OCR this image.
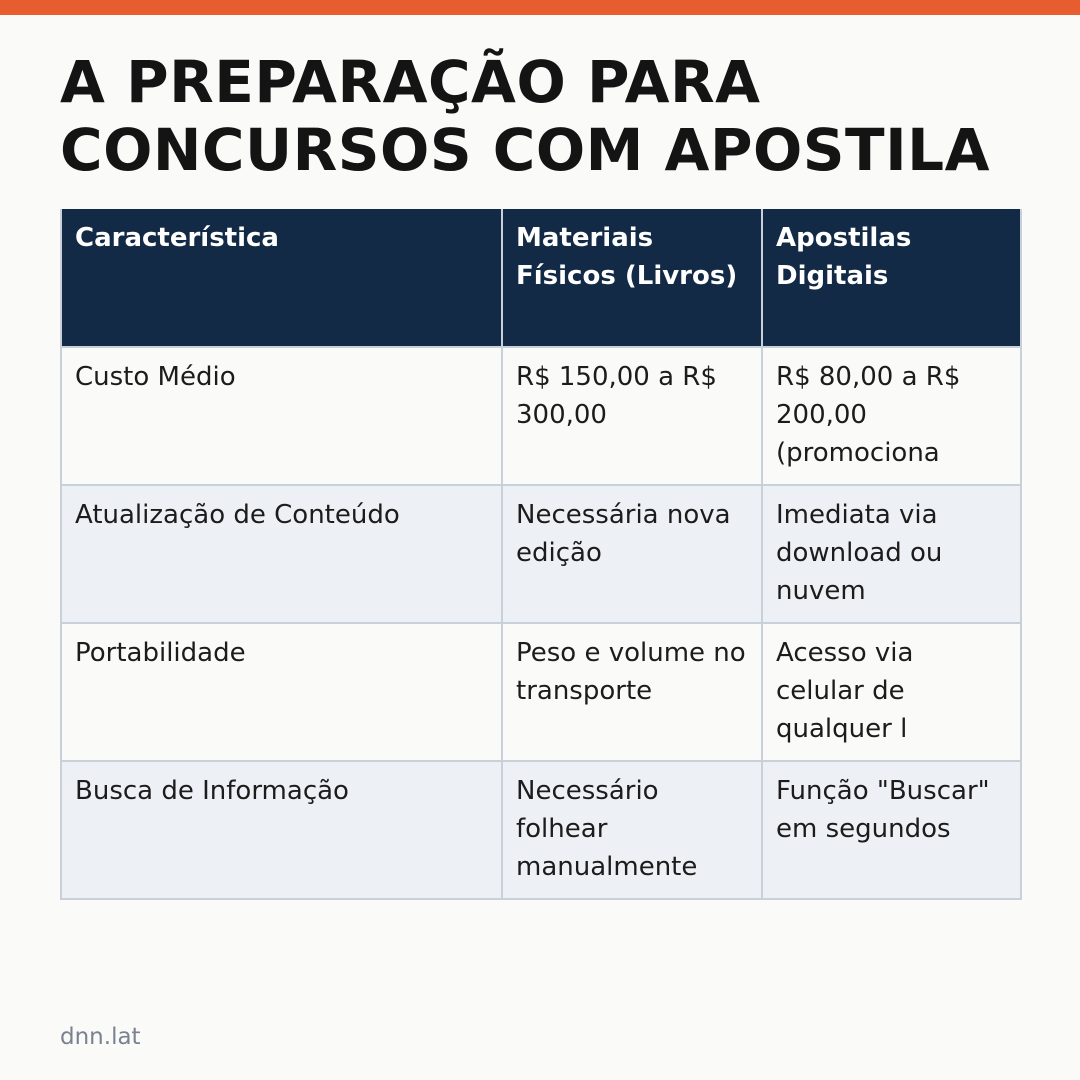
A PREPARAÇÃO PARA
CONCURSOS COM APOSTILA
Característica	Materiais Físicos (Livros)	Apostilas Digitais

Custo Médio	R$ 150,00 a R$ 300,00	R$ 80,00 a R$ 200,00 (promociona

Atualização de Conteúdo	Necessária nova edição	Imediata via download ou nuvem

Portabilidade	Peso e volume no transporte	Acesso via celular de qualquer l

Busca de Informação	Necessário folhear manualmente	Função "Buscar" em segundos
dnn.lat
